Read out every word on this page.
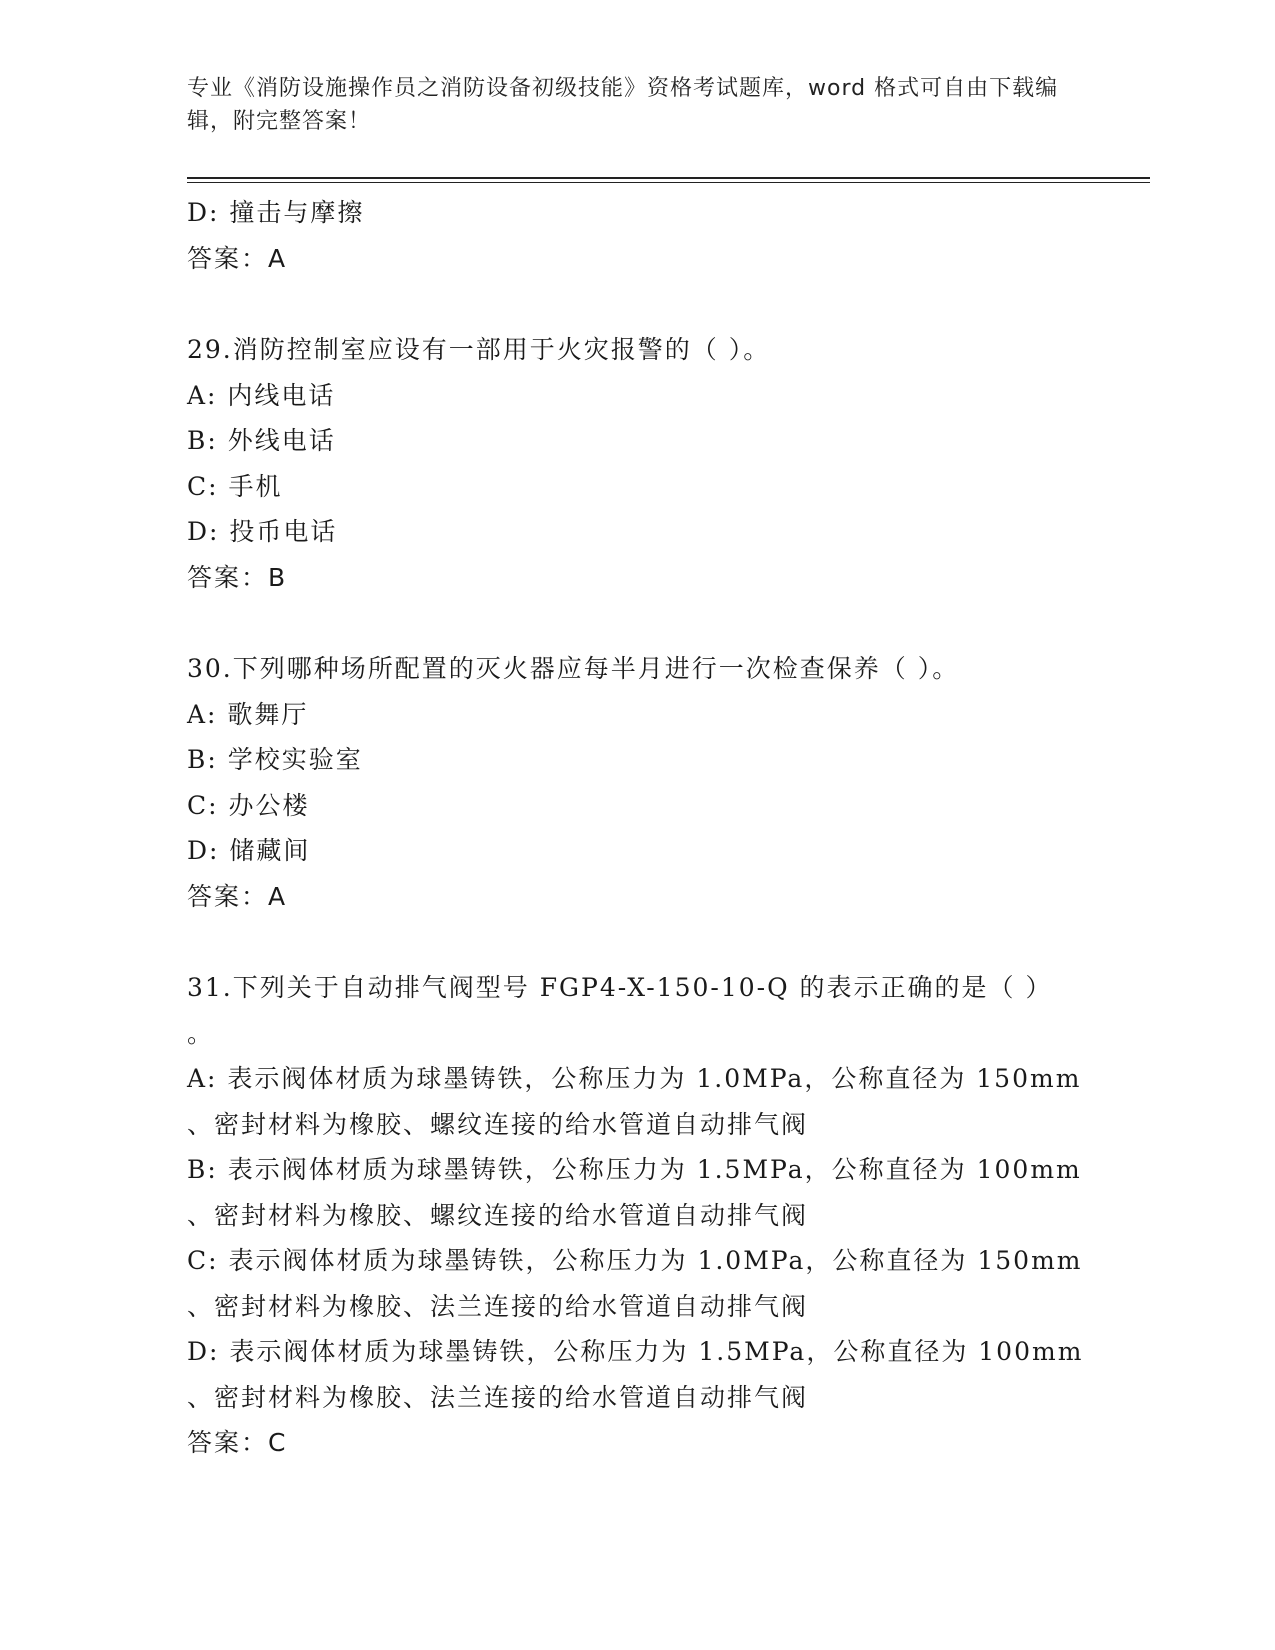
专业《消防设施操作员之消防设备初级技能》资格考试题库，word 格式可自由下载编辑，附完整答案！
D: 撞击与摩擦
答案：A
29.消防控制室应设有一部用于火灾报警的（ ）。
A: 内线电话
B: 外线电话
C: 手机
D: 投币电话
答案：B
30.下列哪种场所配置的灭火器应每半月进行一次检查保养（ ）。
A: 歌舞厅
B: 学校实验室
C: 办公楼
D: 储藏间
答案：A
31.下列关于自动排气阀型号 FGP4-X-150-10-Q 的表示正确的是（ ）
。
A: 表示阀体材质为球墨铸铁，公称压力为 1.0MPa，公称直径为 150mm
、密封材料为橡胶、螺纹连接的给水管道自动排气阀
B: 表示阀体材质为球墨铸铁，公称压力为 1.5MPa，公称直径为 100mm
、密封材料为橡胶、螺纹连接的给水管道自动排气阀
C: 表示阀体材质为球墨铸铁，公称压力为 1.0MPa，公称直径为 150mm
、密封材料为橡胶、法兰连接的给水管道自动排气阀
D: 表示阀体材质为球墨铸铁，公称压力为 1.5MPa，公称直径为 100mm
、密封材料为橡胶、法兰连接的给水管道自动排气阀
答案：C
